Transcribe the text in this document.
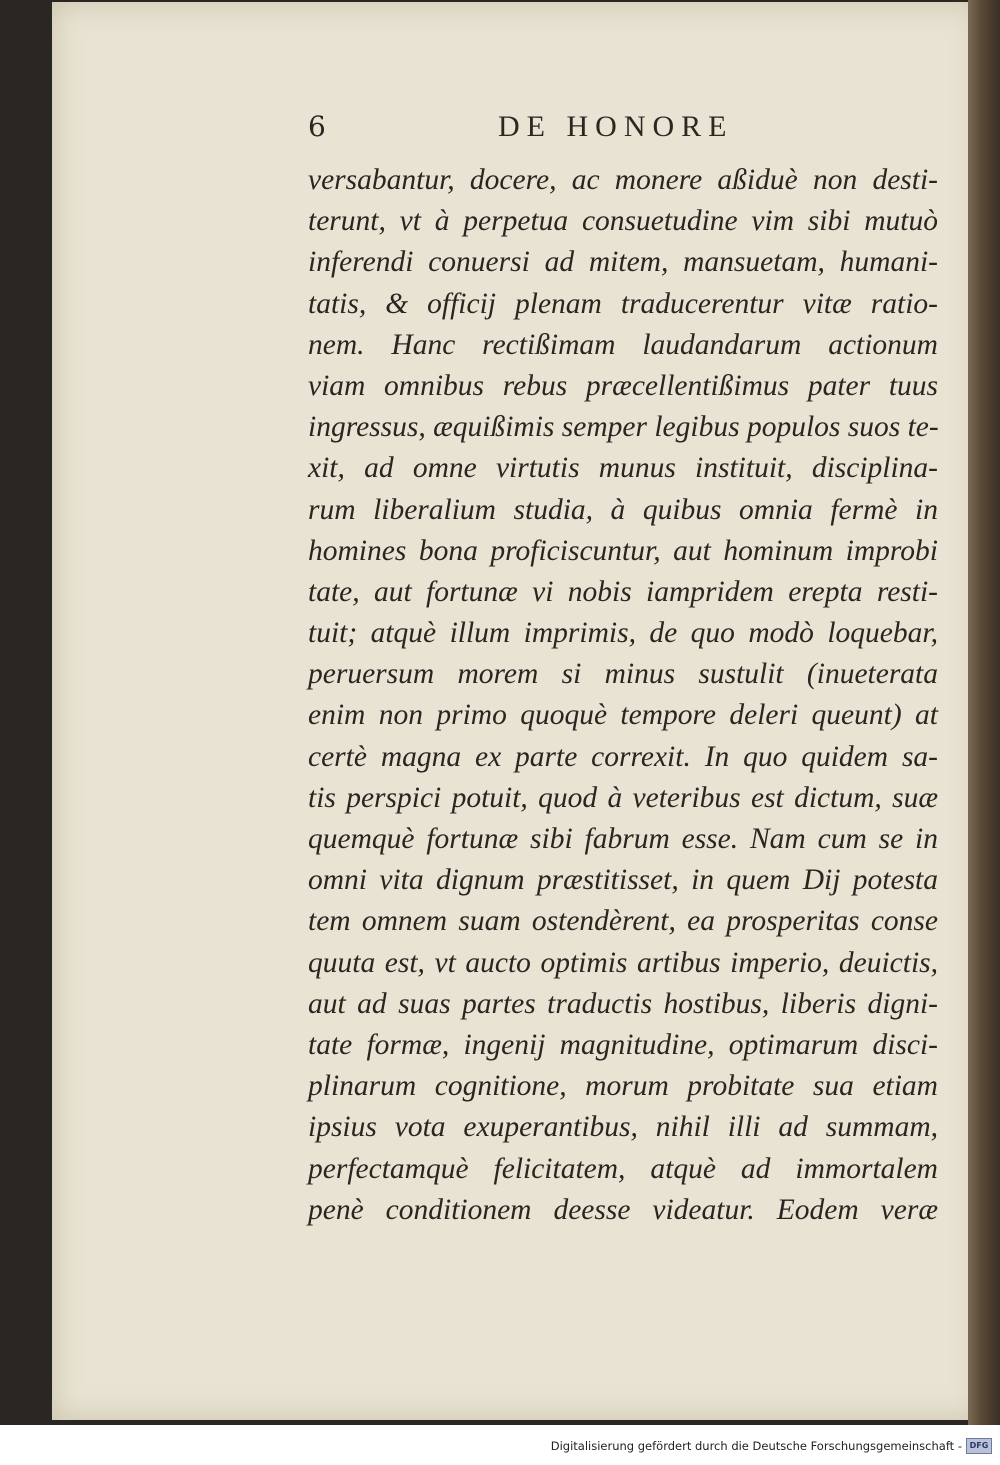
6	DE HONORE
versabantur, docere, ac monere aßiduè non desti-
terunt, vt à perpetua consuetudine vim sibi mutuò
inferendi conuersi ad mitem, mansuetam, humani-
tatis, & officij plenam traducerentur vitæ ratio-
nem. Hanc rectißimam laudandarum actionum
viam omnibus rebus præcellentißimus pater tuus
ingressus, æquißimis semper legibus populos suos te-
xit, ad omne virtutis munus instituit, disciplina-
rum liberalium studia, à quibus omnia fermè in
homines bona proficiscuntur, aut hominum improbi
tate, aut fortunæ vi nobis iampridem erepta resti-
tuit; atquè illum imprimis, de quo modò loquebar,
peruersum morem si minus sustulit (inueterata
enim non primo quoquè tempore deleri queunt) at
certè magna ex parte correxit. In quo quidem sa-
tis perspici potuit, quod à veteribus est dictum, suæ
quemquè fortunæ sibi fabrum esse. Nam cum se in
omni vita dignum præstitisset, in quem Dij potesta
tem omnem suam ostendèrent, ea prosperitas conse
quuta est, vt aucto optimis artibus imperio, deuictis,
aut ad suas partes traductis hostibus, liberis digni-
tate formæ, ingenij magnitudine, optimarum disci-
plinarum cognitione, morum probitate sua etiam
ipsius vota exuperantibus, nihil illi ad summam,
perfectamquè felicitatem, atquè ad immortalem
penè conditionem deesse videatur. Eodem veræ
Digitalisierung gefördert durch die Deutsche Forschungsgemeinschaft - DFG
